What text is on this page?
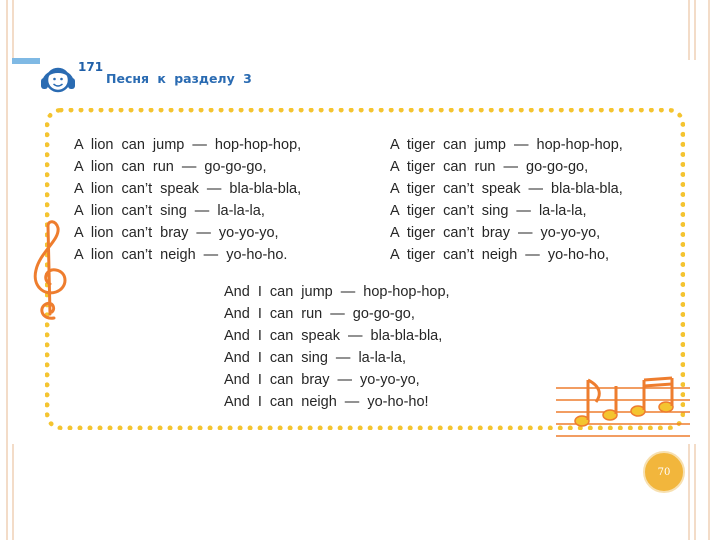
171
Песня к разделу 3
A lion can jump — hop-hop-hop,
A lion can run — go-go-go,
A lion can’t speak — bla-bla-bla,
A lion can’t sing — la-la-la,
A lion can’t bray — yo-yo-yo,
A lion can’t neigh — yo-ho-ho.
A tiger can jump — hop-hop-hop,
A tiger can run — go-go-go,
A tiger can’t speak — bla-bla-bla,
A tiger can’t sing — la-la-la,
A tiger can’t bray — yo-yo-yo,
A tiger can’t neigh — yo-ho-ho,
And I can jump — hop-hop-hop,
And I can run — go-go-go,
And I can speak — bla-bla-bla,
And I can sing — la-la-la,
And I can bray — yo-yo-yo,
And I can neigh — yo-ho-ho!
70
